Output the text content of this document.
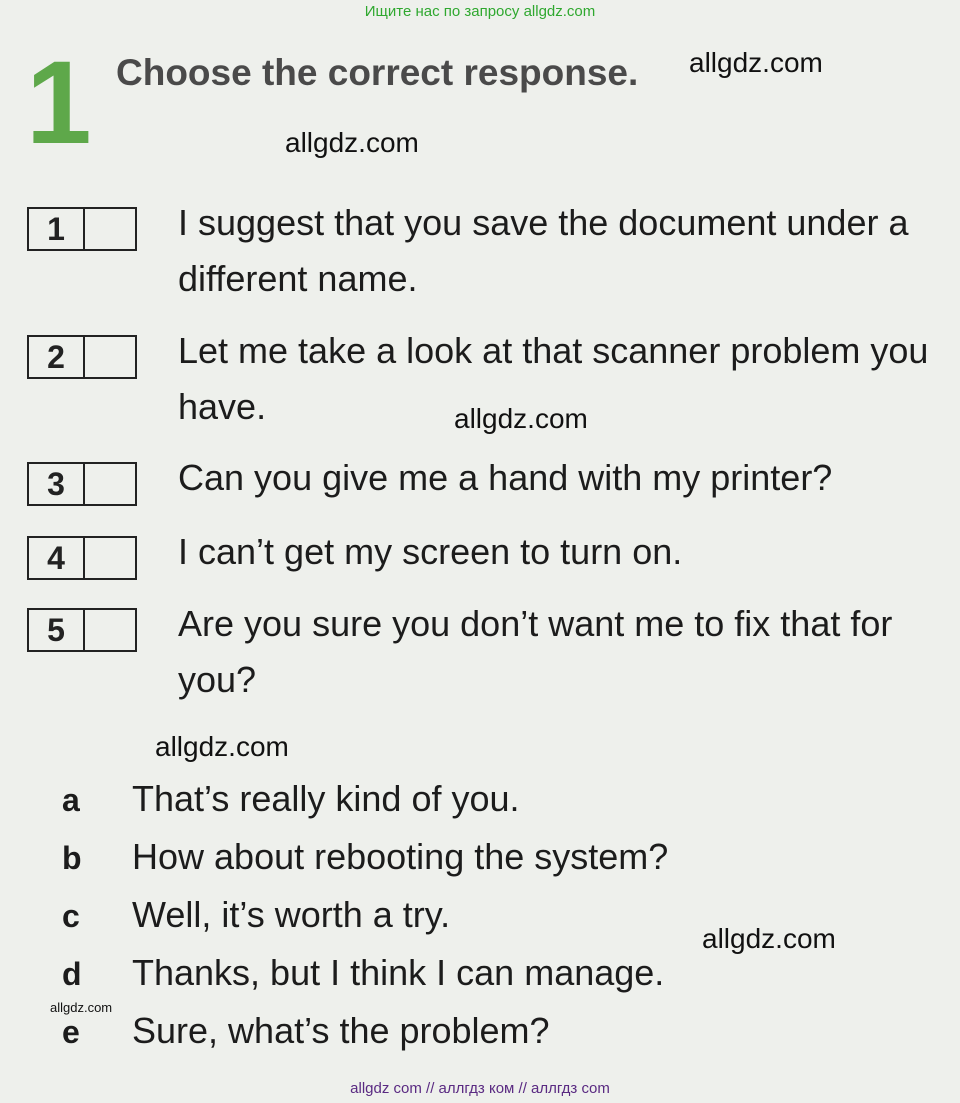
Ищите нас по запросу allgdz.com
1 Choose the correct response. allgdz.com
allgdz.com
allgdz.com
allgdz.com
allgdz.com
allgdz.com
1	I suggest that you save the document under a different name.
2	Let me take a look at that scanner problem you have.
3	Can you give me a hand with my printer?
4	I can’t get my screen to turn on.
5	Are you sure you don’t want me to fix that for you?
a That’s really kind of you.
b How about rebooting the system?
c Well, it’s worth a try.
d Thanks, but I think I can manage.
e Sure, what’s the problem?
allgdz com // аллгдз ком // аллгдз com
